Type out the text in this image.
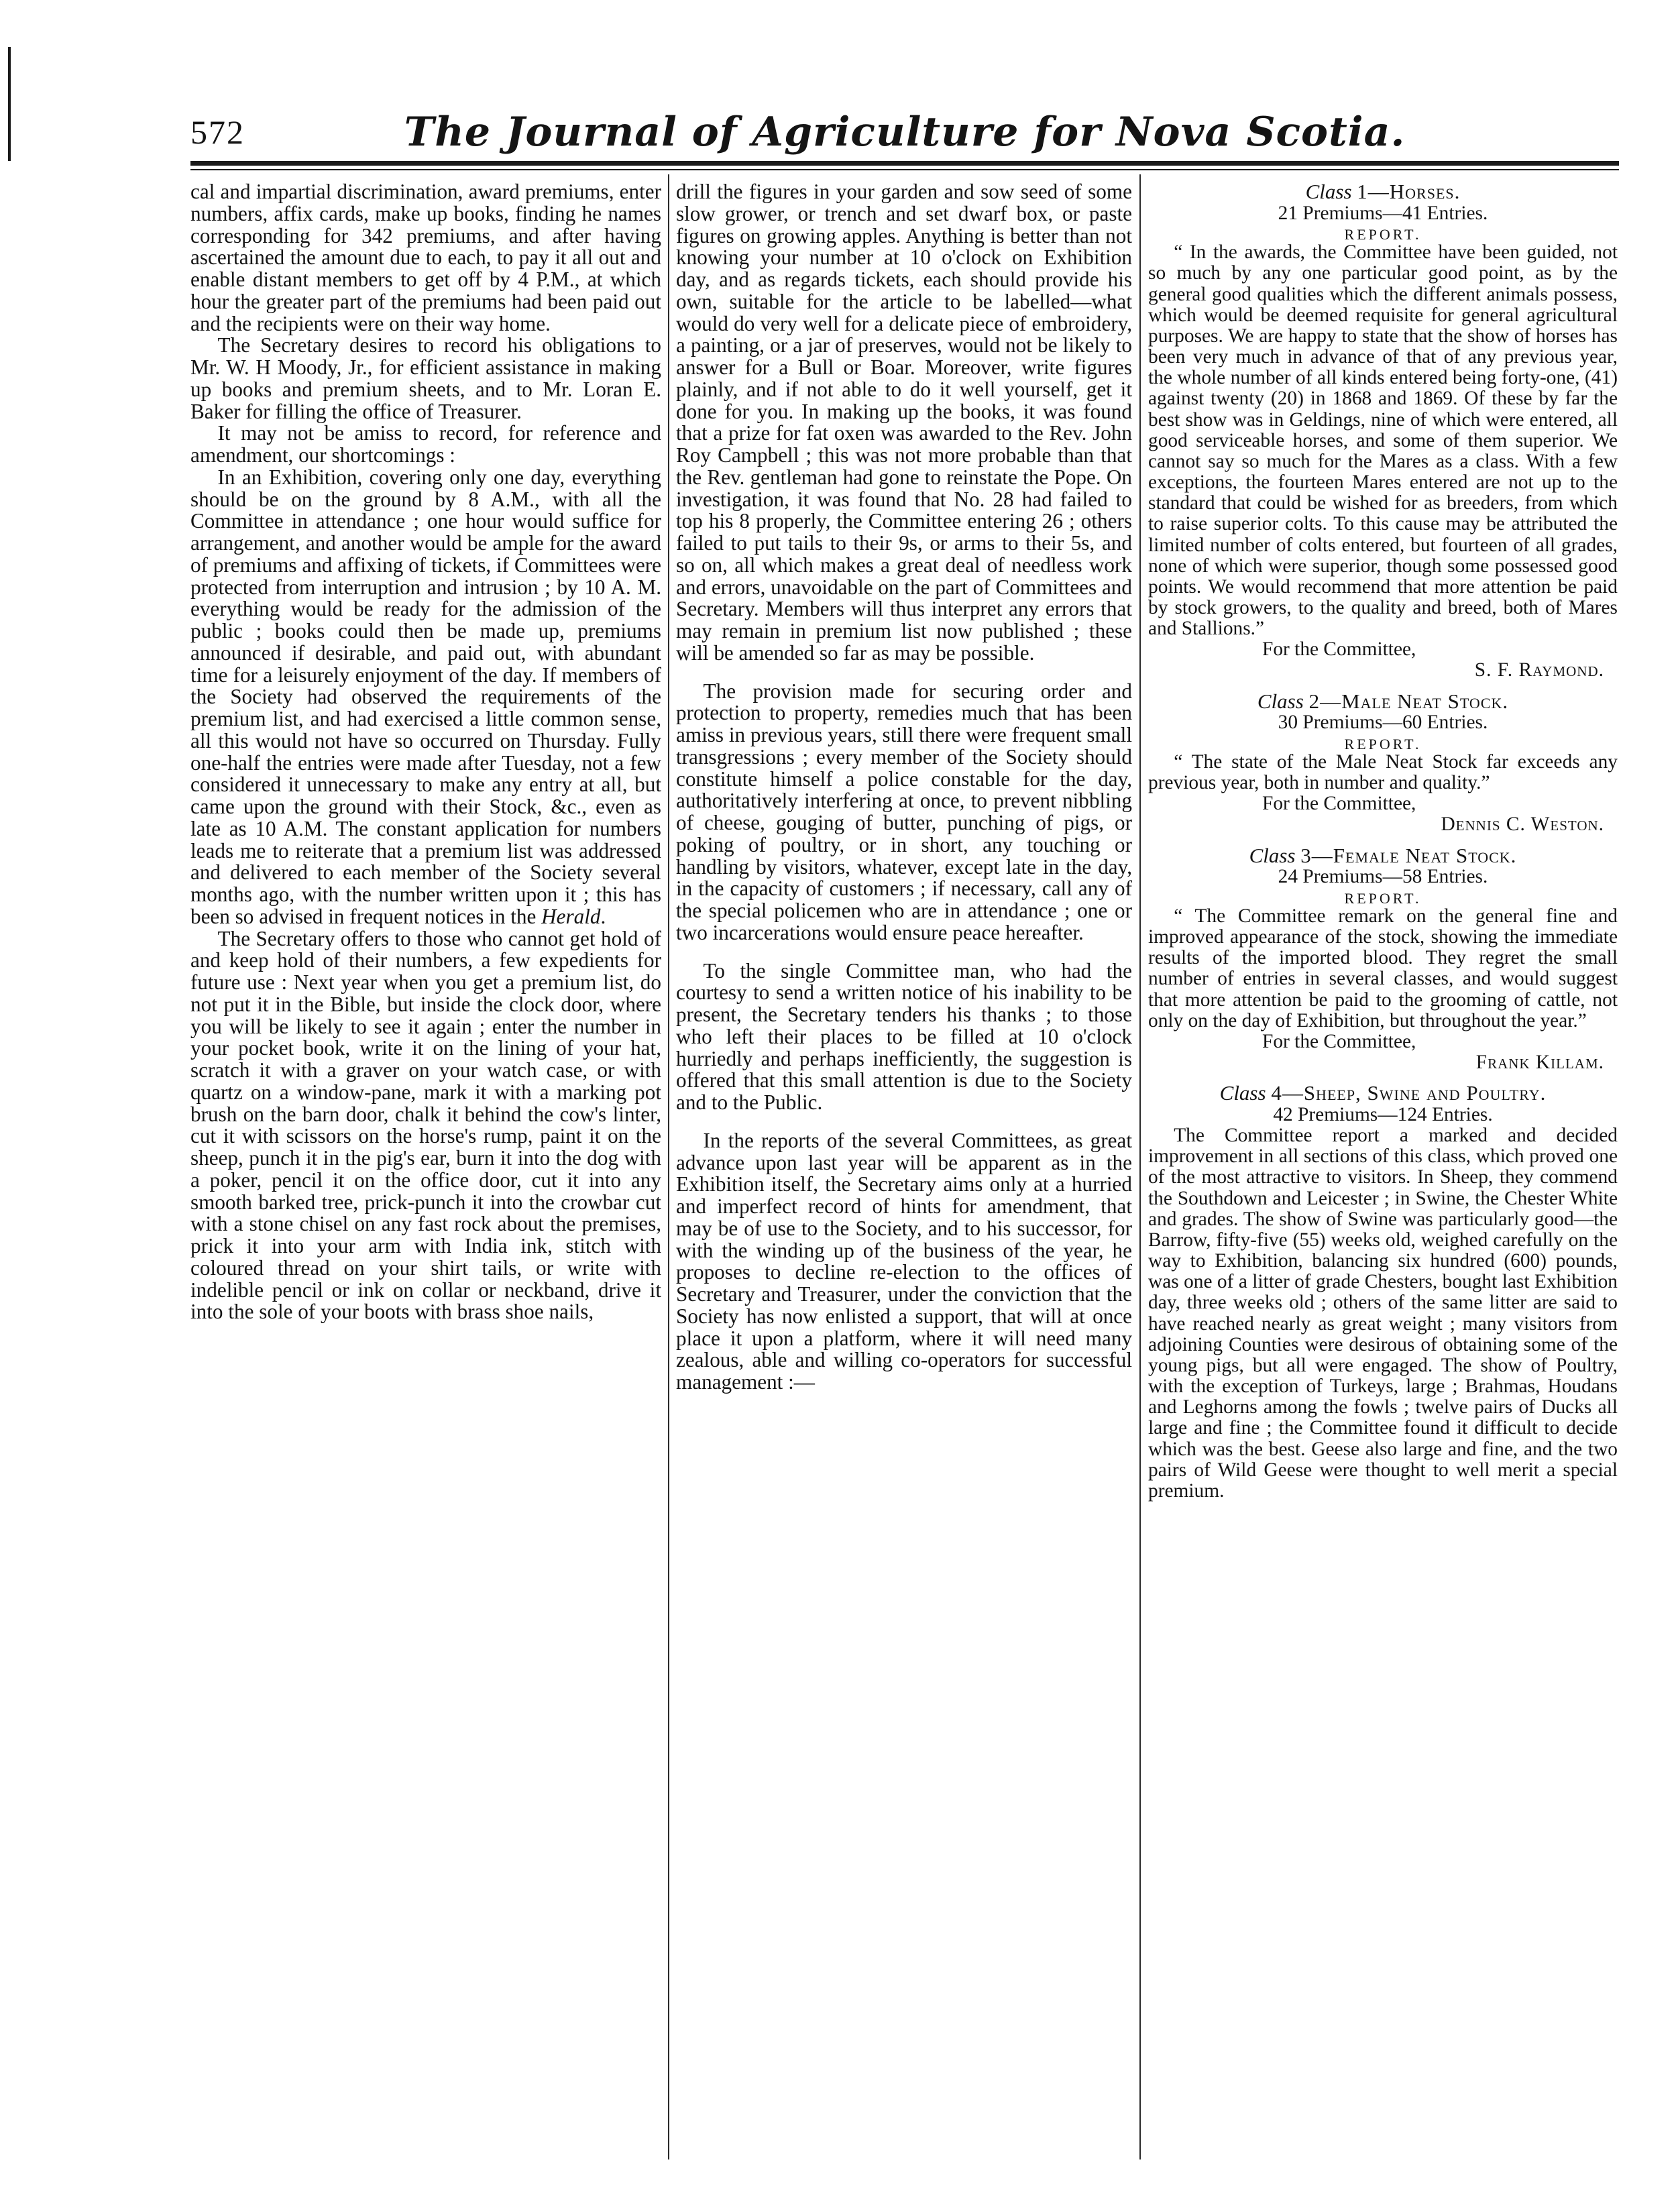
572	The Journal of Agriculture for Nova Scotia.

cal and impartial discrimination, award premiums, enter numbers, affix cards, make up books, finding he names corresponding for 342 premiums, and after having ascertained the amount due to each, to pay it all out and enable distant members to get off by 4 P.M., at which hour the greater part of the premiums had been paid out and the recipients were on their way home.

The Secretary desires to record his obligations to Mr. W. H Moody, Jr., for efficient assistance in making up books and premium sheets, and to Mr. Loran E. Baker for filling the office of Treasurer.

It may not be amiss to record, for reference and amendment, our shortcomings :

In an Exhibition, covering only one day, everything should be on the ground by 8 A.M., with all the Committee in attendance ; one hour would suffice for arrangement, and another would be ample for the award of premiums and affixing of tickets, if Committees were protected from interruption and intrusion ; by 10 A. M. everything would be ready for the admission of the public ; books could then be made up, premiums announced if desirable, and paid out, with abundant time for a leisurely enjoyment of the day. If members of the Society had observed the requirements of the premium list, and had exercised a little common sense, all this would not have so occurred on Thursday. Fully one-half the entries were made after Tuesday, not a few considered it unnecessary to make any entry at all, but came upon the ground with their Stock, &c., even as late as 10 A.M. The constant application for numbers leads me to reiterate that a premium list was addressed and delivered to each member of the Society several months ago, with the number written upon it ; this has been so advised in frequent notices in the Herald.

The Secretary offers to those who cannot get hold of and keep hold of their numbers, a few expedients for future use : Next year when you get a premium list, do not put it in the Bible, but inside the clock door, where you will be likely to see it again ; enter the number in your pocket book, write it on the lining of your hat, scratch it with a graver on your watch case, or with quartz on a window-pane, mark it with a marking pot brush on the barn door, chalk it behind the cow's linter, cut it with scissors on the horse's rump, paint it on the sheep, punch it in the pig's ear, burn it into the dog with a poker, pencil it on the office door, cut it into any smooth barked tree, prick-punch it into the crowbar cut with a stone chisel on any fast rock about the premises, prick it into your arm with India ink, stitch with coloured thread on your shirt tails, or write with indelible pencil or ink on collar or neckband, drive it into the sole of your boots with brass shoe nails,

drill the figures in your garden and sow seed of some slow grower, or trench and set dwarf box, or paste figures on growing apples. Anything is better than not knowing your number at 10 o'clock on Exhibition day, and as regards tickets, each should provide his own, suitable for the article to be labelled—what would do very well for a delicate piece of embroidery, a painting, or a jar of preserves, would not be likely to answer for a Bull or Boar. Moreover, write figures plainly, and if not able to do it well yourself, get it done for you. In making up the books, it was found that a prize for fat oxen was awarded to the Rev. John Roy Campbell ; this was not more probable than that the Rev. gentleman had gone to reinstate the Pope. On investigation, it was found that No. 28 had failed to top his 8 properly, the Committee entering 26 ; others failed to put tails to their 9s, or arms to their 5s, and so on, all which makes a great deal of needless work and errors, unavoidable on the part of Committees and Secretary. Members will thus interpret any errors that may remain in premium list now published ; these will be amended so far as may be possible.

The provision made for securing order and protection to property, remedies much that has been amiss in previous years, still there were frequent small transgressions ; every member of the Society should constitute himself a police constable for the day, authoritatively interfering at once, to prevent nibbling of cheese, gouging of butter, punching of pigs, or poking of poultry, or in short, any touching or handling by visitors, whatever, except late in the day, in the capacity of customers ; if necessary, call any of the special policemen who are in attendance ; one or two incarcerations would ensure peace hereafter.

To the single Committee man, who had the courtesy to send a written notice of his inability to be present, the Secretary tenders his thanks ; to those who left their places to be filled at 10 o'clock hurriedly and perhaps inefficiently, the suggestion is offered that this small attention is due to the Society and to the Public.

In the reports of the several Committees, as great advance upon last year will be apparent as in the Exhibition itself, the Secretary aims only at a hurried and imperfect record of hints for amendment, that may be of use to the Society, and to his successor, for with the winding up of the business of the year, he proposes to decline re-election to the offices of Secretary and Treasurer, under the conviction that the Society has now enlisted a support, that will at once place it upon a platform, where it will need many zealous, able and willing co-operators for successful management :—

Class 1—Horses.
21 Premiums—41 Entries.
REPORT.

“ In the awards, the Committee have been guided, not so much by any one particular good point, as by the general good qualities which the different animals possess, which would be deemed requisite for general agricultural purposes. We are happy to state that the show of horses has been very much in advance of that of any previous year, the whole number of all kinds entered being forty-one, (41) against twenty (20) in 1868 and 1869. Of these by far the best show was in Geldings, nine of which were entered, all good serviceable horses, and some of them superior. We cannot say so much for the Mares as a class. With a few exceptions, the fourteen Mares entered are not up to the standard that could be wished for as breeders, from which to raise superior colts. To this cause may be attributed the limited number of colts entered, but fourteen of all grades, none of which were superior, though some possessed good points. We would recommend that more attention be paid by stock growers, to the quality and breed, both of Mares and Stallions.”

For the Committee,

S. F. Raymond.

Class 2—Male Neat Stock.
30 Premiums—60 Entries.
REPORT.

“ The state of the Male Neat Stock far exceeds any previous year, both in number and quality.”

For the Committee,

Dennis C. Weston.

Class 3—Female Neat Stock.
24 Premiums—58 Entries.
REPORT.

“ The Committee remark on the general fine and improved appearance of the stock, showing the immediate results of the imported blood. They regret the small number of entries in several classes, and would suggest that more attention be paid to the grooming of cattle, not only on the day of Exhibition, but throughout the year.”

For the Committee,

Frank Killam.

Class 4—Sheep, Swine and Poultry.
42 Premiums—124 Entries.

The Committee report a marked and decided improvement in all sections of this class, which proved one of the most attractive to visitors. In Sheep, they commend the Southdown and Leicester ; in Swine, the Chester White and grades. The show of Swine was particularly good—the Barrow, fifty-five (55) weeks old, weighed carefully on the way to Exhibition, balancing six hundred (600) pounds, was one of a litter of grade Chesters, bought last Exhibition day, three weeks old ; others of the same litter are said to have reached nearly as great weight ; many visitors from adjoining Counties were desirous of obtaining some of the young pigs, but all were engaged. The show of Poultry, with the exception of Turkeys, large ; Brahmas, Houdans and Leghorns among the fowls ; twelve pairs of Ducks all large and fine ; the Committee found it difficult to decide which was the best. Geese also large and fine, and the two pairs of Wild Geese were thought to well merit a special premium.
